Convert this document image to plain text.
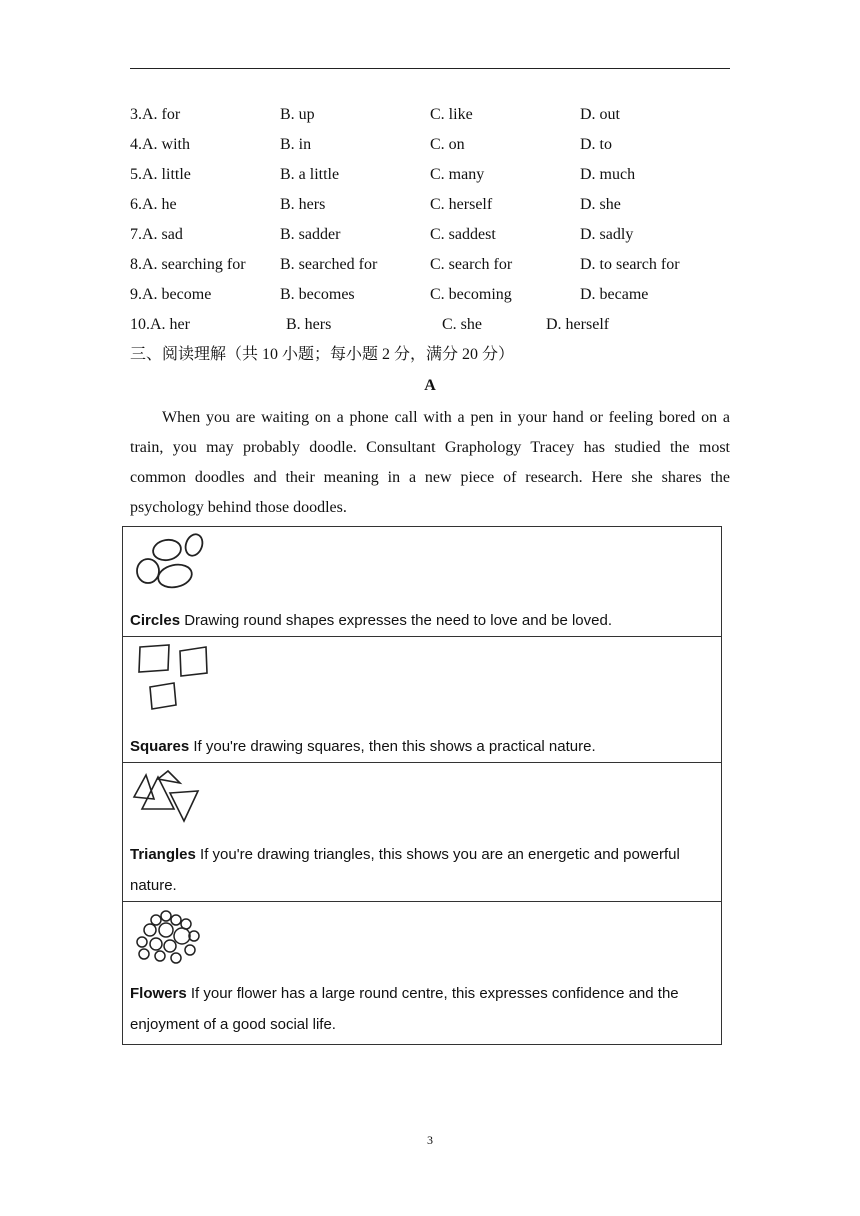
3.A. for	B. up	C. like	D. out
4.A. with	B. in	C. on	D. to
5.A. little	B. a little	C. many	D. much
6.A. he	B. hers	C. herself	D. she
7.A. sad	B. sadder	C. saddest	D. sadly
8.A. searching for B. searched for	C. search for	D. to search for
9.A. become	B. becomes	C. becoming	D. became
10.A. her	B. hers	C. she	D. herself
三、阅读理解（共 10 小题；每小题 2 分，满分 20 分）
A

When you are waiting on a phone call with a pen in your hand or feeling bored on a train, you may probably doodle. Consultant Graphology Tracey has studied the most common doodles and their meaning in a new piece of research. Here she shares the psychology behind those doodles.

Circles Drawing round shapes expresses the need to love and be loved.

Squares If you're drawing squares, then this shows a practical nature.

Triangles If you're drawing triangles, this shows you are an energetic and powerful nature.

Flowers If your flower has a large round centre, this expresses confidence and the enjoyment of a good social life.
3
